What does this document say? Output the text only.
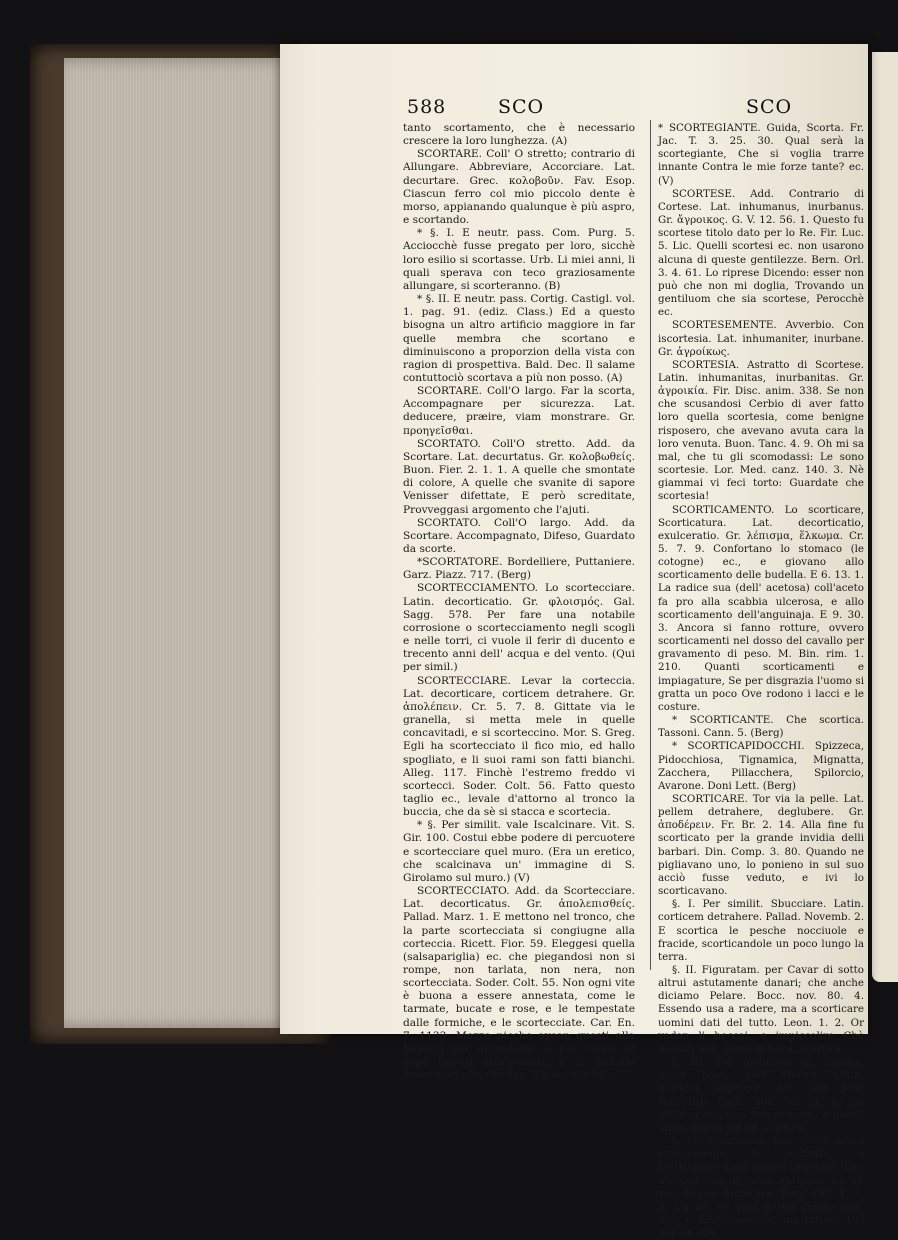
588	SCO	SCO

tanto scortamento, che è necessario crescere la loro lunghezza. (A)

SCORTARE. Coll' O stretto; contrario di Allungare. Abbreviare, Accorciare. Lat. decurtare. Grec. κολοβοῦν. Fav. Esop. Ciascun ferro col mio piccolo dente è morso, appianando qualunque è più aspro, e scortando.

* §. I. E neutr. pass. Com. Purg. 5. Acciocchè fusse pregato per loro, sicchè loro esilio si scortasse. Urb. Li miei anni, li quali sperava con teco graziosamente allungare, si scorteranno. (B)

* §. II. E neutr. pass. Cortig. Castigl. vol. 1. pag. 91. (ediz. Class.) Ed a questo bisogna un altro artificio maggiore in far quelle membra che scortano e diminuiscono a proporzion della vista con ragion di prospettiva. Bald. Dec. Il salame contuttociò scortava a più non posso. (A)

SCORTARE. Coll'O largo. Far la scorta, Accompagnare per sicurezza. Lat. deducere, præire, viam monstrare. Gr. προηγεῖσθαι.

SCORTATO. Coll'O stretto. Add. da Scortare. Lat. decurtatus. Gr. κολοβωθείς. Buon. Fier. 2. 1. 1. A quelle che smontate di colore, A quelle che svanite di sapore Venisser difettate, E però screditate, Provveggasi argomento che l'ajuti.

SCORTATO. Coll'O largo. Add. da Scortare. Accompagnato, Difeso, Guardato da scorte.

*SCORTATORE. Bordelliere, Puttaniere. Garz. Piazz. 717. (Berg)

SCORTECCIAMENTO. Lo scortecciare. Latin. decorticatio. Gr. φλοισμός. Gal. Sagg. 578. Per fare una notabile corrosione o scortecciamento negli scogli e nelle torri, ci vuole il ferir di ducento e trecento anni dell' acqua e del vento. (Qui per simil.)

SCORTECCIARE. Levar la corteccia. Lat. decorticare, corticem detrahere. Gr. ἀπολέπειν. Cr. 5. 7. 8. Gittate via le granella, si metta mele in quelle concavitadi, e si scorteccino. Mor. S. Greg. Egli ha scortecciato il fico mio, ed hallo spogliato, e li suoi rami son fatti bianchi. Alleg. 117. Finchè l'estremo freddo vi scortecci. Soder. Colt. 56. Fatto questo taglio ec., levale d'attorno al tronco la buccia, che da sè si stacca e scortecia.

* §. Per similit. vale Iscalcinare. Vit. S. Gir. 100. Costui ebbe podere di percuotere e scortecciare quel muro. (Era un eretico, che scalcinava un' immagine di S. Girolamo sul muro.) (V)

SCORTECCIATO. Add. da Scortecciare. Lat. decorticatus. Gr. ἀπολεπισθείς. Pallad. Marz. 1. E mettono nel tronco, che la parte scortecciata si congiugne alla corteccia. Ricett. Fior. 59. Eleggesi quella (salsapariglia) ec. che piegandosi non si rompe, non tarlata, non nera, non scortecciata. Soder. Colt. 55. Non ogni vite è buona a essere annestata, come le tarmate, bucate e rose, e le tempestate dalle formiche, e le scortecciate. Car. En. 7. 1133. Mezze picche avean questi alla tedesca Per avventarle, e per celate in capo Suveri scortecciati, e di metallo Brocchieri alla sinistra, e stocchi a lato.

* SCORTEGIANTE. Guida, Scorta. Fr. Jac. T. 3. 25. 30. Qual serà la scortegiante, Che si voglia trarre innante Contra le mie forze tante? ec. (V)

SCORTESE. Add. Contrario di Cortese. Lat. inhumanus, inurbanus. Gr. ἄγροικος. G. V. 12. 56. 1. Questo fu scortese titolo dato per lo Re. Fir. Luc. 5. Lic. Quelli scortesi ec. non usarono alcuna di queste gentilezze. Bern. Orl. 3. 4. 61. Lo riprese Dicendo: esser non può che non mi doglia, Trovando un gentiluom che sia scortese, Perocchè ec.

SCORTESEMENTE. Avverbio. Con iscortesia. Lat. inhumaniter, inurbane. Gr. ἀγροίκως.

SCORTESIA. Astratto di Scortese. Latin. inhumanitas, inurbanitas. Gr. ἀγροικία. Fir. Disc. anim. 338. Se non che scusandosi Cerbio di aver fatto loro quella scortesia, come benigne risposero, che avevano avuta cara la loro venuta. Buon. Tanc. 4. 9. Oh mi sa mal, che tu gli scomodassi: Le sono scortesie. Lor. Med. canz. 140. 3. Nè giammai vi feci torto: Guardate che scortesia!

SCORTICAMENTO. Lo scorticare, Scorticatura. Lat. decorticatio, exulceratio. Gr. λέπισμα, ἕλκωμα. Cr. 5. 7. 9. Confortano lo stomaco (le cotogne) ec., e giovano allo scorticamento delle budella. E 6. 13. 1. La radice sua (dell' acetosa) coll'aceto fa pro alla scabbia ulcerosa, e allo scorticamento dell'anguinaja. E 9. 30. 3. Ancora si fanno rotture, ovvero scorticamenti nel dosso del cavallo per gravamento di peso. M. Bin. rim. 1. 210. Quanti scorticamenti e impiagature, Se per disgrazia l'uomo si gratta un poco Ove rodono i lacci e le costure.

* SCORTICANTE. Che scortica. Tassoni. Cann. 5. (Berg)

* SCORTICAPIDOCCHI. Spizzeca, Pidocchiosa, Tignamica, Mignatta, Zacchera, Pillacchera, Spilorcio, Avarone. Doni Lett. (Berg)

SCORTICARE. Tor via la pelle. Lat. pellem detrahere, deglubere. Gr. ἀποδέρειν. Fr. Br. 2. 14. Alla fine fu scorticato per la grande invidia delli barbari. Din. Comp. 3. 80. Quando ne pigliavano uno, lo ponieno in sul suo acciò fusse veduto, e ivi lo scorticavano.

§. I. Per similit. Sbucciare. Latin. corticem detrahere. Pallad. Novemb. 2. E scortica le pesche nocciuole e fracide, scorticandole un poco lungo la terra.

§. II. Figuratam. per Cavar di sotto altrui astutamente danari; che anche diciamo Pelare. Bocc. nov. 80. 4. Essendo usa a radere, ma a scorticare uomini dati del tutto. Leon. 1. 2. Or vadan li beccai, e impiccolire Chè nessun ben, come la Lena, scortica.

§. III. Per metafora, in signific. neutr. pass., vale Morire. Latin. mortem oppetere. Gr. τὸν βίον τελευτᾶν. Bocc. nov. 70. 11. Di mi giaceva con una mia comare, e giocai tanto, che io me ne scorticai.

§. IV. Scorticare, per Torre altrui rapacemente le sostanze, o Distruggere colle troppe gravezze. Lat. alienam rem diripere, abripere. Gr. τὰ τῶν ἄλλων ἁρπάζειν. Bern. Orl. 1. 7. 5. Un Re, se vuol il suo debito fare, Non è Re veramente, ma fattore Del popolo che
